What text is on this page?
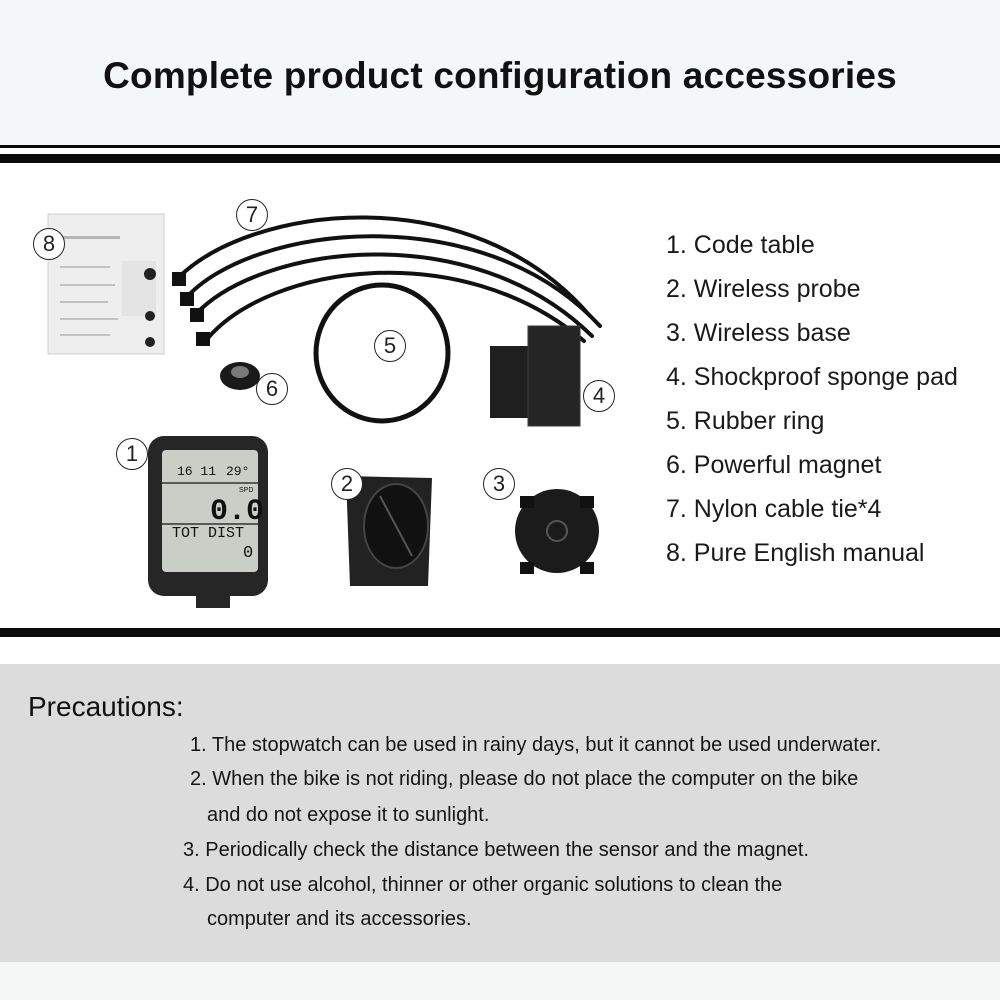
Complete product configuration accessories
16 11 29°
SPD
0.0
TOT DIST
0
8
7
5
6	4
1
2	3
1. Code table
2. Wireless probe
3. Wireless base
4. Shockproof sponge pad
5. Rubber ring
6. Powerful magnet
7. Nylon cable tie*4
8. Pure English manual
Precautions:
1. The stopwatch can be used in rainy days, but it cannot be used underwater.
2. When the bike is not riding, please do not place the computer on the bike
and do not expose it to sunlight.
3. Periodically check the distance between the sensor and the magnet.
4. Do not use alcohol, thinner or other organic solutions to clean the
computer and its accessories.
